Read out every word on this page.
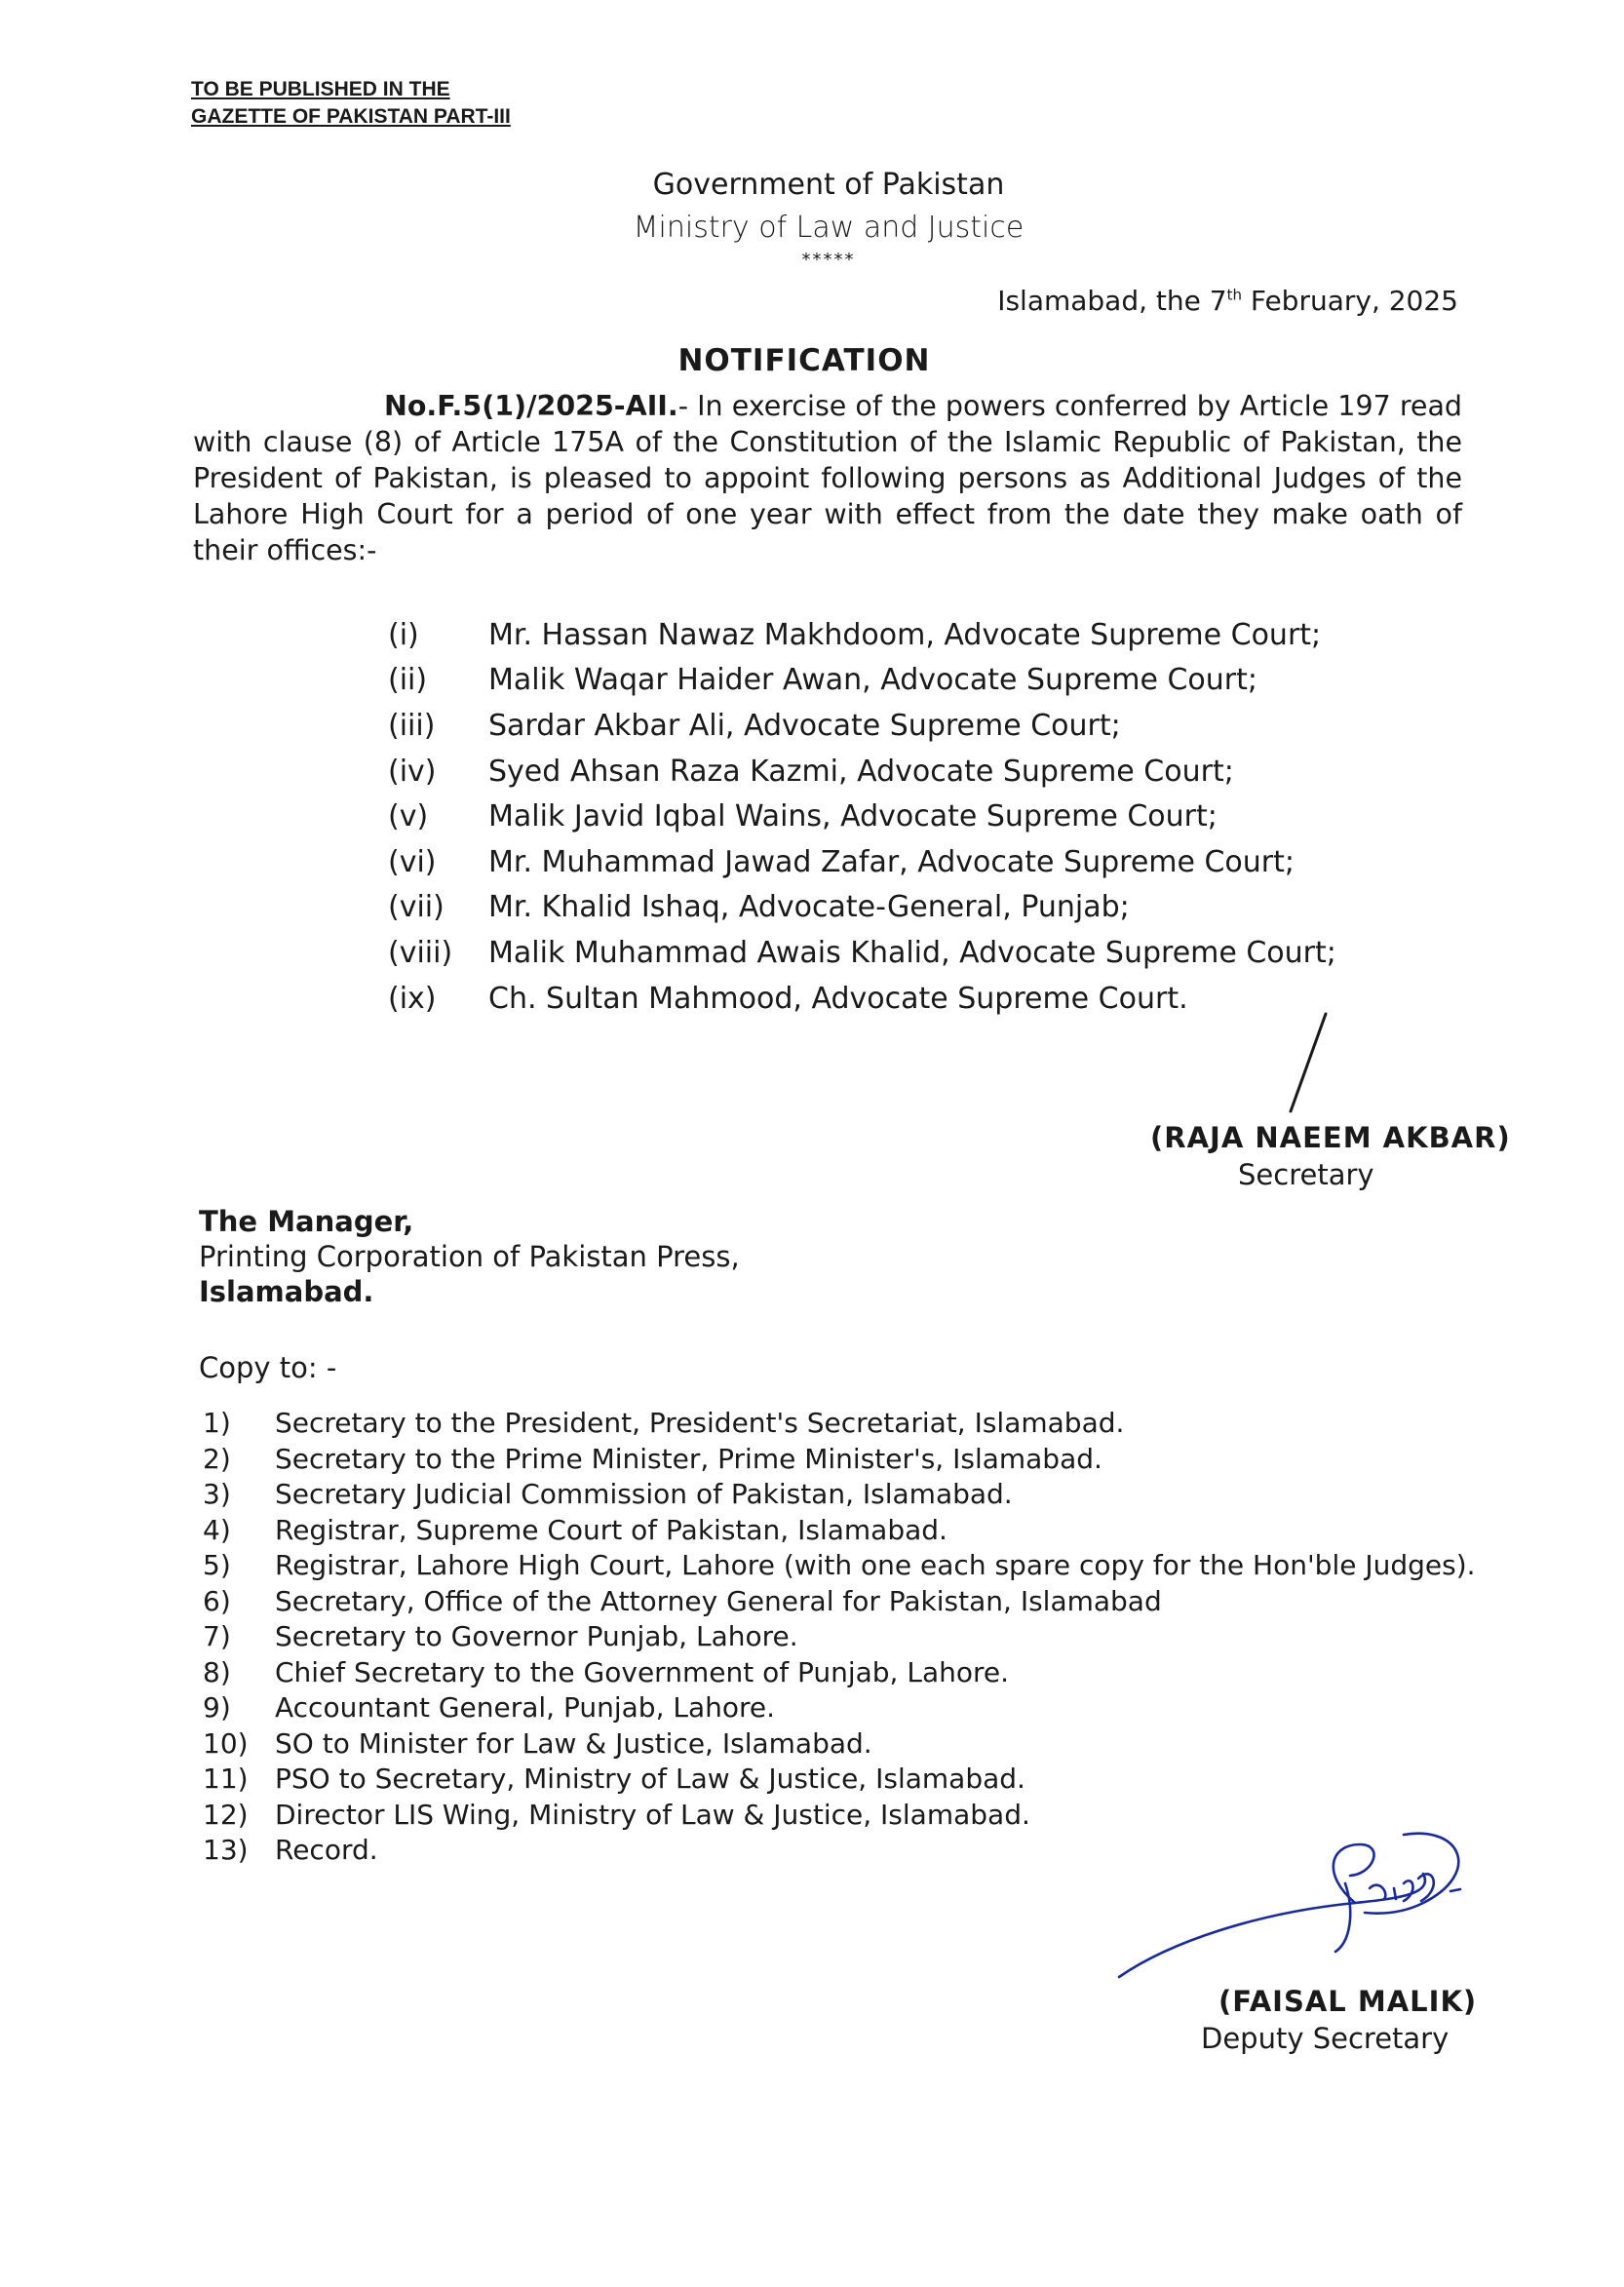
TO BE PUBLISHED IN THE
GAZETTE OF PAKISTAN PART-III
Government of Pakistan
Ministry of Law and Justice
*****
Islamabad, the 7th February, 2025
NOTIFICATION
No.F.5(1)/2025-AII.- In exercise of the powers conferred by Article 197 read with clause (8) of Article 175A of the Constitution of the Islamic Republic of Pakistan, the President of Pakistan, is pleased to appoint following persons as Additional Judges of the Lahore High Court for a period of one year with effect from the date they make oath of their offices:-
(i)	Mr. Hassan Nawaz Makhdoom, Advocate Supreme Court;
(ii)	Malik Waqar Haider Awan, Advocate Supreme Court;
(iii)	Sardar Akbar Ali, Advocate Supreme Court;
(iv)	Syed Ahsan Raza Kazmi, Advocate Supreme Court;
(v)	Malik Javid Iqbal Wains, Advocate Supreme Court;
(vi)	Mr. Muhammad Jawad Zafar, Advocate Supreme Court;
(vii)	Mr. Khalid Ishaq, Advocate-General, Punjab;
(viii)	Malik Muhammad Awais Khalid, Advocate Supreme Court;
(ix)	Ch. Sultan Mahmood, Advocate Supreme Court.
(RAJA NAEEM AKBAR)
Secretary
The Manager,
Printing Corporation of Pakistan Press,
Islamabad.
Copy to: -
1)	Secretary to the President, President's Secretariat, Islamabad.
2)	Secretary to the Prime Minister, Prime Minister's, Islamabad.
3)	Secretary Judicial Commission of Pakistan, Islamabad.
4)	Registrar, Supreme Court of Pakistan, Islamabad.
5)	Registrar, Lahore High Court, Lahore (with one each spare copy for the Hon'ble Judges).
6)	Secretary, Office of the Attorney General for Pakistan, Islamabad
7)	Secretary to Governor Punjab, Lahore.
8)	Chief Secretary to the Government of Punjab, Lahore.
9)	Accountant General, Punjab, Lahore.
10) SO to Minister for Law & Justice, Islamabad.
11) PSO to Secretary, Ministry of Law & Justice, Islamabad.
12) Director LIS Wing, Ministry of Law & Justice, Islamabad.
13) Record.
(FAISAL MALIK)
Deputy Secretary
